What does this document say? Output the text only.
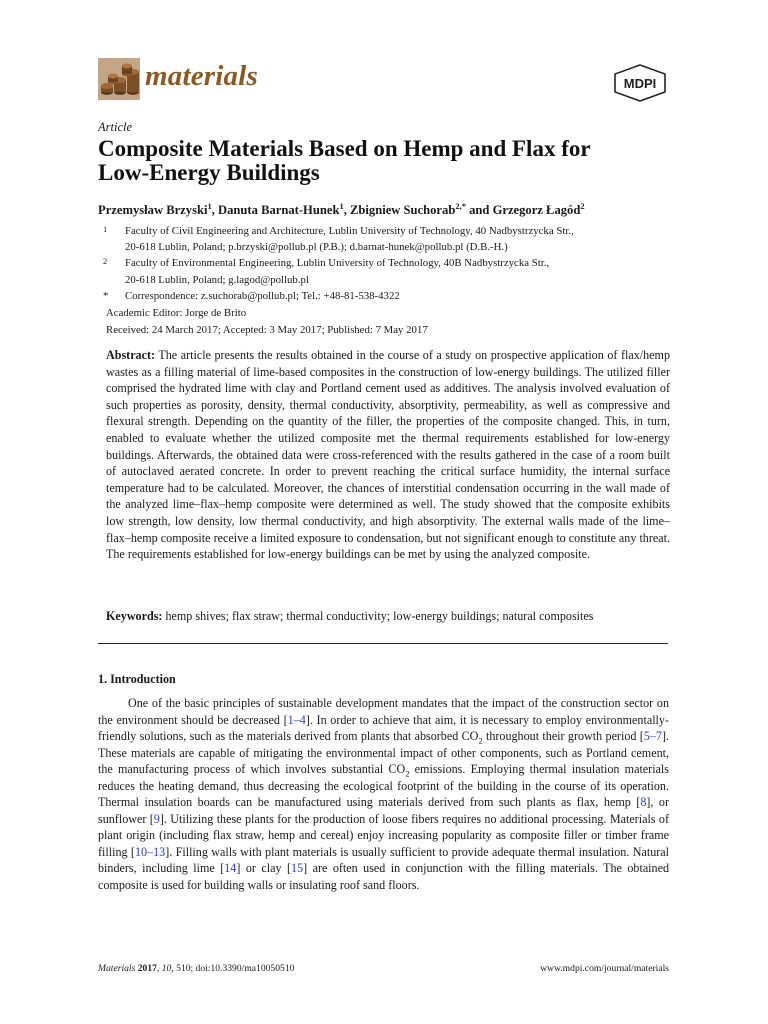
materials	MDPI
Article
Composite Materials Based on Hemp and Flax for
Low-Energy Buildings
Przemysław Brzyski$^1$, Danuta Barnat-Hunek$^1$, Zbigniew Suchorab$^{2,*}$ and Grzegorz Łagód$^2$
1	Faculty of Civil Engineering and Architecture, Lublin University of Technology, 40 Nadbystrzycka Str.,
20-618 Lublin, Poland; p.brzyski@pollub.pl (P.B.); d.barnat-hunek@pollub.pl (D.B.-H.)
2	Faculty of Environmental Engineering, Lublin University of Technology, 40B Nadbystrzycka Str.,
20-618 Lublin, Poland; g.lagod@pollub.pl
*	Correspondence: z.suchorab@pollub.pl; Tel.: +48-81-538-4322
Academic Editor: Jorge de Brito
Received: 24 March 2017; Accepted: 3 May 2017; Published: 7 May 2017
Abstract: The article presents the results obtained in the course of a study on prospective application of flax/hemp wastes as a filling material of lime-based composites in the construction of low-energy buildings. The utilized filler comprised the hydrated lime with clay and Portland cement used as additives. The analysis involved evaluation of such properties as porosity, density, thermal conductivity, absorptivity, permeability, as well as compressive and flexural strength. Depending on the quantity of the filler, the properties of the composite changed. This, in turn, enabled to evaluate whether the utilized composite met the thermal requirements established for low-energy buildings. Afterwards, the obtained data were cross-referenced with the results gathered in the case of a room built of autoclaved aerated concrete. In order to prevent reaching the critical surface humidity, the internal surface temperature had to be calculated. Moreover, the chances of interstitial condensation occurring in the wall made of the analyzed lime–flax–hemp composite were determined as well. The study showed that the composite exhibits low strength, low density, low thermal conductivity, and high absorptivity. The external walls made of the lime–flax–hemp composite receive a limited exposure to condensation, but not significant enough to constitute any threat. The requirements established for low-energy buildings can be met by using the analyzed composite.
Keywords: hemp shives; flax straw; thermal conductivity; low-energy buildings; natural composites
1. Introduction
One of the basic principles of sustainable development mandates that the impact of the construction sector on the environment should be decreased [1–4]. In order to achieve that aim, it is necessary to employ environmentally-friendly solutions, such as the materials derived from plants that absorbed $CO_2$ throughout their growth period [5–7]. These materials are capable of mitigating the environmental impact of other components, such as Portland cement, the manufacturing process of which involves substantial $CO_2$ emissions. Employing thermal insulation materials reduces the heating demand, thus decreasing the ecological footprint of the building in the course of its operation. Thermal insulation boards can be manufactured using materials derived from such plants as flax, hemp [8], or sunflower [9]. Utilizing these plants for the production of loose fibers requires no additional processing. Materials of plant origin (including flax straw, hemp and cereal) enjoy increasing popularity as composite filler or timber frame filling [10–13]. Filling walls with plant materials is usually sufficient to provide adequate thermal insulation. Natural binders, including lime [14] or clay [15] are often used in conjunction with the filling materials. The obtained composite is used for building walls or insulating roof sand floors.
Materials 2017, 10, 510; doi:10.3390/ma10050510	www.mdpi.com/journal/materials
